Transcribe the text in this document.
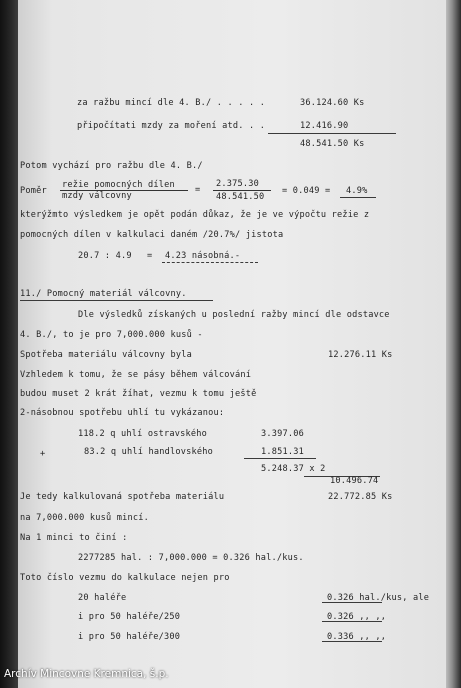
za ražbu mincí dle 4. B./ . . . . .	36.124.60 Ks
připočítati mzdy za moření atd. . .	12.416.90
48.541.50 Ks
Potom vychází pro ražbu dle 4. B./
Poměr
režie pomocných dílen
mzdy válcovny
=
2.375.30
48.541.50
= 0.049 = 4.9%
kterýžmto výsledkem je opět podán důkaz, že je ve výpočtu režie z
pomocných dílen v kalkulaci daném /20.7%/ jistota
20.7 : 4.9 = 4.23 násobná.-
11./ Pomocný materiál válcovny.
Dle výsledků získaných u poslední ražby mincí dle odstavce
4. B./, to je pro 7,000.000 kusů -
Spotřeba materiálu válcovny byla	12.276.11 Ks
Vzhledem k tomu, že se pásy během válcování
budou muset 2 krát žíhat, vezmu k tomu ještě
2-násobnou spotřebu uhlí tu vykázanou:
118.2 q uhlí ostravského	3.397.06
+	83.2 q uhlí handlovského	1.851.31
5.248.37 x 2
10.496.74
Je tedy kalkulovaná spotřeba materiálu	22.772.85 Ks
na 7,000.000 kusů mincí.
Na 1 minci to činí :
2277285 hal. : 7,000.000 = 0.326 hal./kus.
Toto číslo vezmu do kalkulace nejen pro
20 haléře	0.326 hal./kus, ale
i pro 50 haléře/250	0.326 ,, ,,
i pro 50 haléře/300	0.336 ,, ,,
Archív Mincovne Kremnica, š.p.
